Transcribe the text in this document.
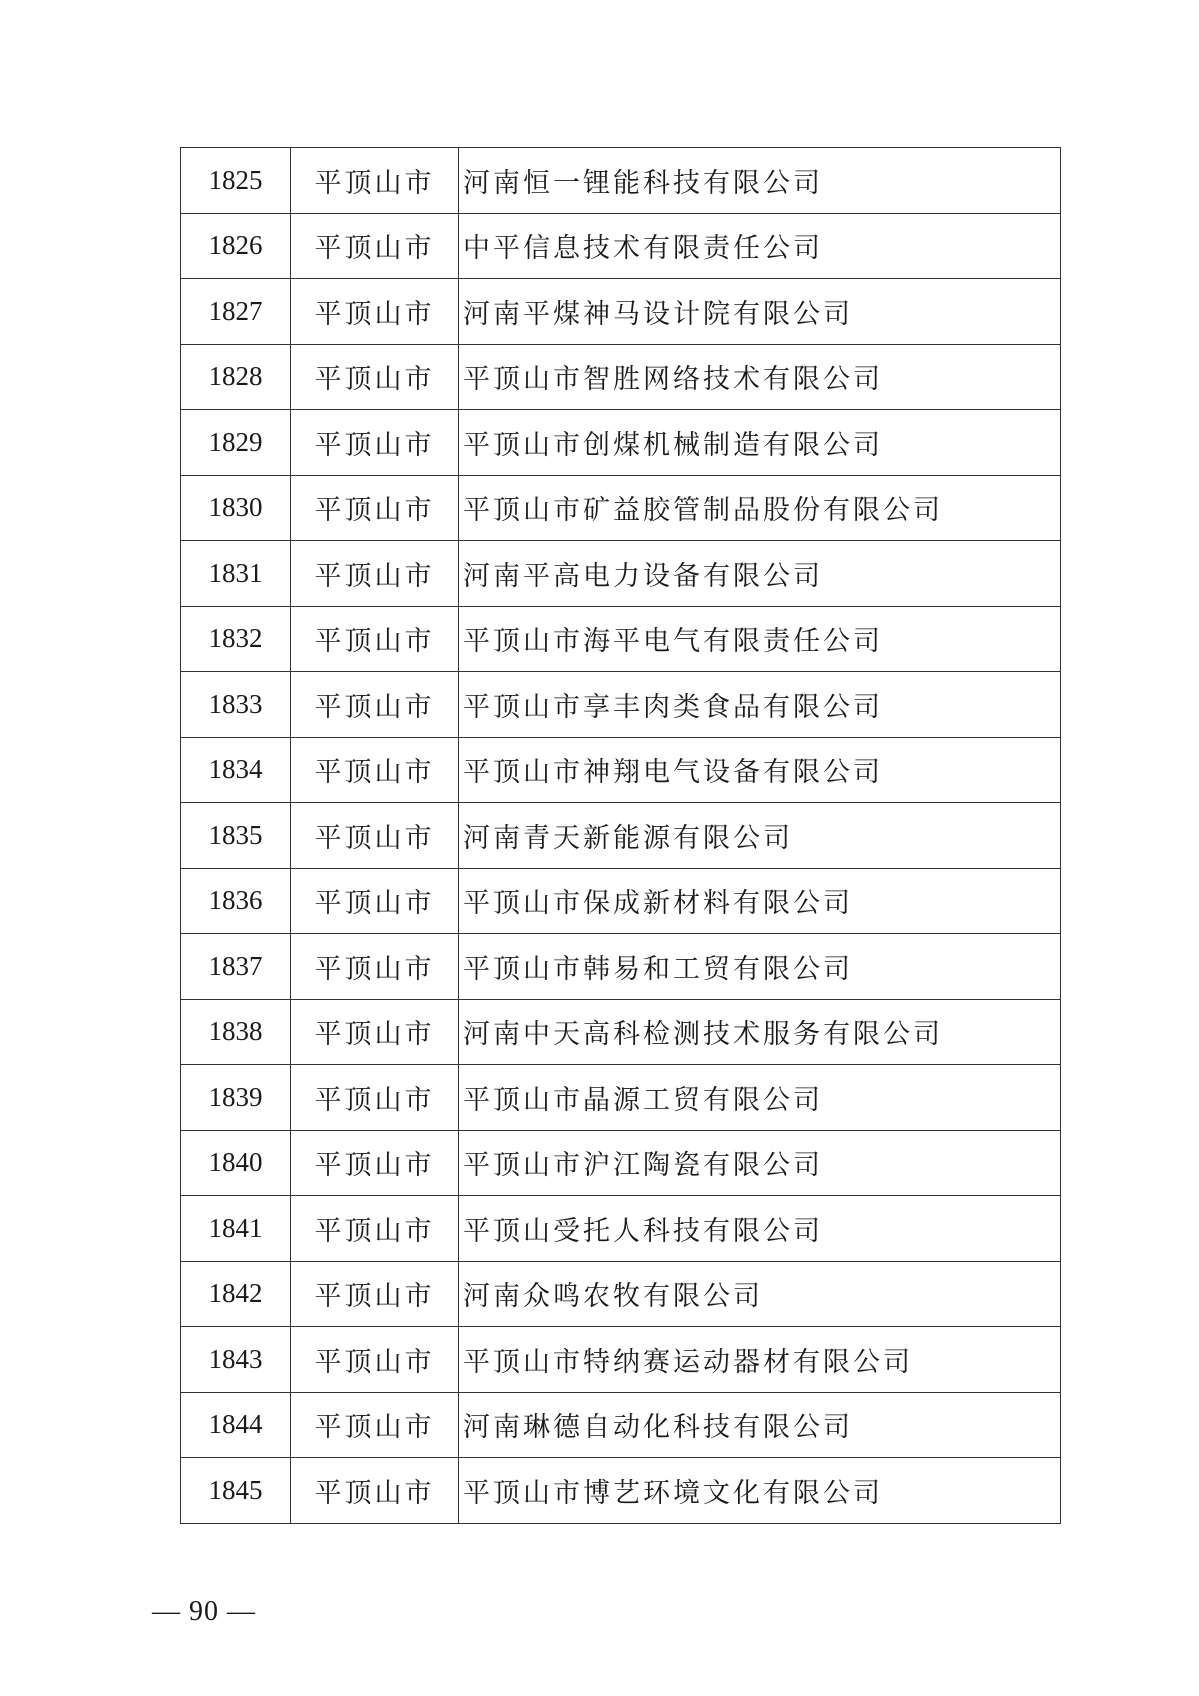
1825	平顶山市	河南恒一锂能科技有限公司
1826	平顶山市	中平信息技术有限责任公司
1827	平顶山市	河南平煤神马设计院有限公司
1828	平顶山市	平顶山市智胜网络技术有限公司
1829	平顶山市	平顶山市创煤机械制造有限公司
1830	平顶山市	平顶山市矿益胶管制品股份有限公司
1831	平顶山市	河南平高电力设备有限公司
1832	平顶山市	平顶山市海平电气有限责任公司
1833	平顶山市	平顶山市享丰肉类食品有限公司
1834	平顶山市	平顶山市神翔电气设备有限公司
1835	平顶山市	河南青天新能源有限公司
1836	平顶山市	平顶山市保成新材料有限公司
1837	平顶山市	平顶山市韩易和工贸有限公司
1838	平顶山市	河南中天高科检测技术服务有限公司
1839	平顶山市	平顶山市晶源工贸有限公司
1840	平顶山市	平顶山市沪江陶瓷有限公司
1841	平顶山市	平顶山受托人科技有限公司
1842	平顶山市	河南众鸣农牧有限公司
1843	平顶山市	平顶山市特纳赛运动器材有限公司
1844	平顶山市	河南琳德自动化科技有限公司
1845	平顶山市	平顶山市博艺环境文化有限公司
— 90 —
